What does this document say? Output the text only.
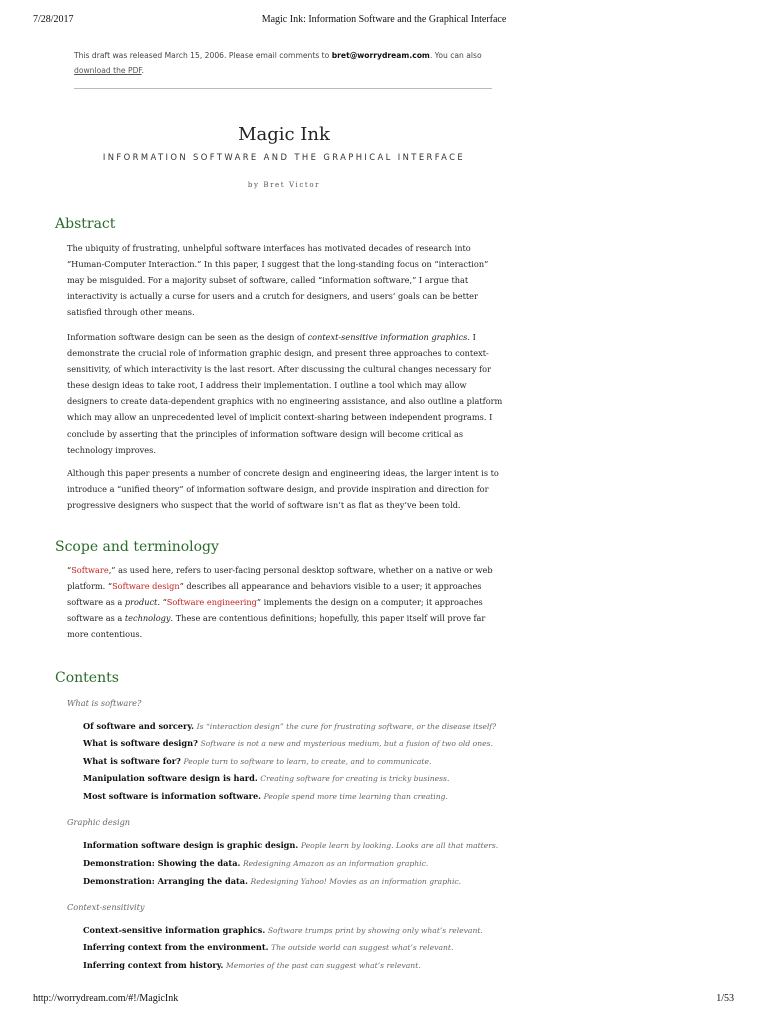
7/28/2017	Magic Ink: Information Software and the Graphical Interface
This draft was released March 15, 2006. Please email comments to bret@worrydream.com. You can also
download the PDF.
Magic Ink
INFORMATION SOFTWARE AND THE GRAPHICAL INTERFACE
by Bret Victor
Abstract

The ubiquity of frustrating, unhelpful software interfaces has motivated decades of research into “Human-Computer Interaction.” In this paper, I suggest that the long-standing focus on “interaction” may be misguided. For a majority subset of software, called “information software,” I argue that interactivity is actually a curse for users and a crutch for designers, and users’ goals can be better satisfied through other means.

Information software design can be seen as the design of context-sensitive information graphics. I demonstrate the crucial role of information graphic design, and present three approaches to context-sensitivity, of which interactivity is the last resort. After discussing the cultural changes necessary for these design ideas to take root, I address their implementation. I outline a tool which may allow designers to create data-dependent graphics with no engineering assistance, and also outline a platform which may allow an unprecedented level of implicit context-sharing between independent programs. I conclude by asserting that the principles of information software design will become critical as technology improves.

Although this paper presents a number of concrete design and engineering ideas, the larger intent is to introduce a “unified theory” of information software design, and provide inspiration and direction for progressive designers who suspect that the world of software isn’t as flat as they’ve been told.

Scope and terminology

“Software,” as used here, refers to user-facing personal desktop software, whether on a native or web platform. “Software design” describes all appearance and behaviors visible to a user; it approaches software as a product. “Software engineering” implements the design on a computer; it approaches software as a technology. These are contentious definitions; hopefully, this paper itself will prove far more contentious.

Contents
What is software?
Of software and sorcery. Is “interaction design” the cure for frustrating software, or the disease itself?
What is software design? Software is not a new and mysterious medium, but a fusion of two old ones.
What is software for? People turn to software to learn, to create, and to communicate.
Manipulation software design is hard. Creating software for creating is tricky business.
Most software is information software. People spend more time learning than creating.
Graphic design
Information software design is graphic design. People learn by looking. Looks are all that matters.
Demonstration: Showing the data. Redesigning Amazon as an information graphic.
Demonstration: Arranging the data. Redesigning Yahoo! Movies as an information graphic.
Context-sensitivity
Context-sensitive information graphics. Software trumps print by showing only what’s relevant.
Inferring context from the environment. The outside world can suggest what’s relevant.
Inferring context from history. Memories of the past can suggest what’s relevant.
http://worrydream.com/#!/MagicInk	1/53
